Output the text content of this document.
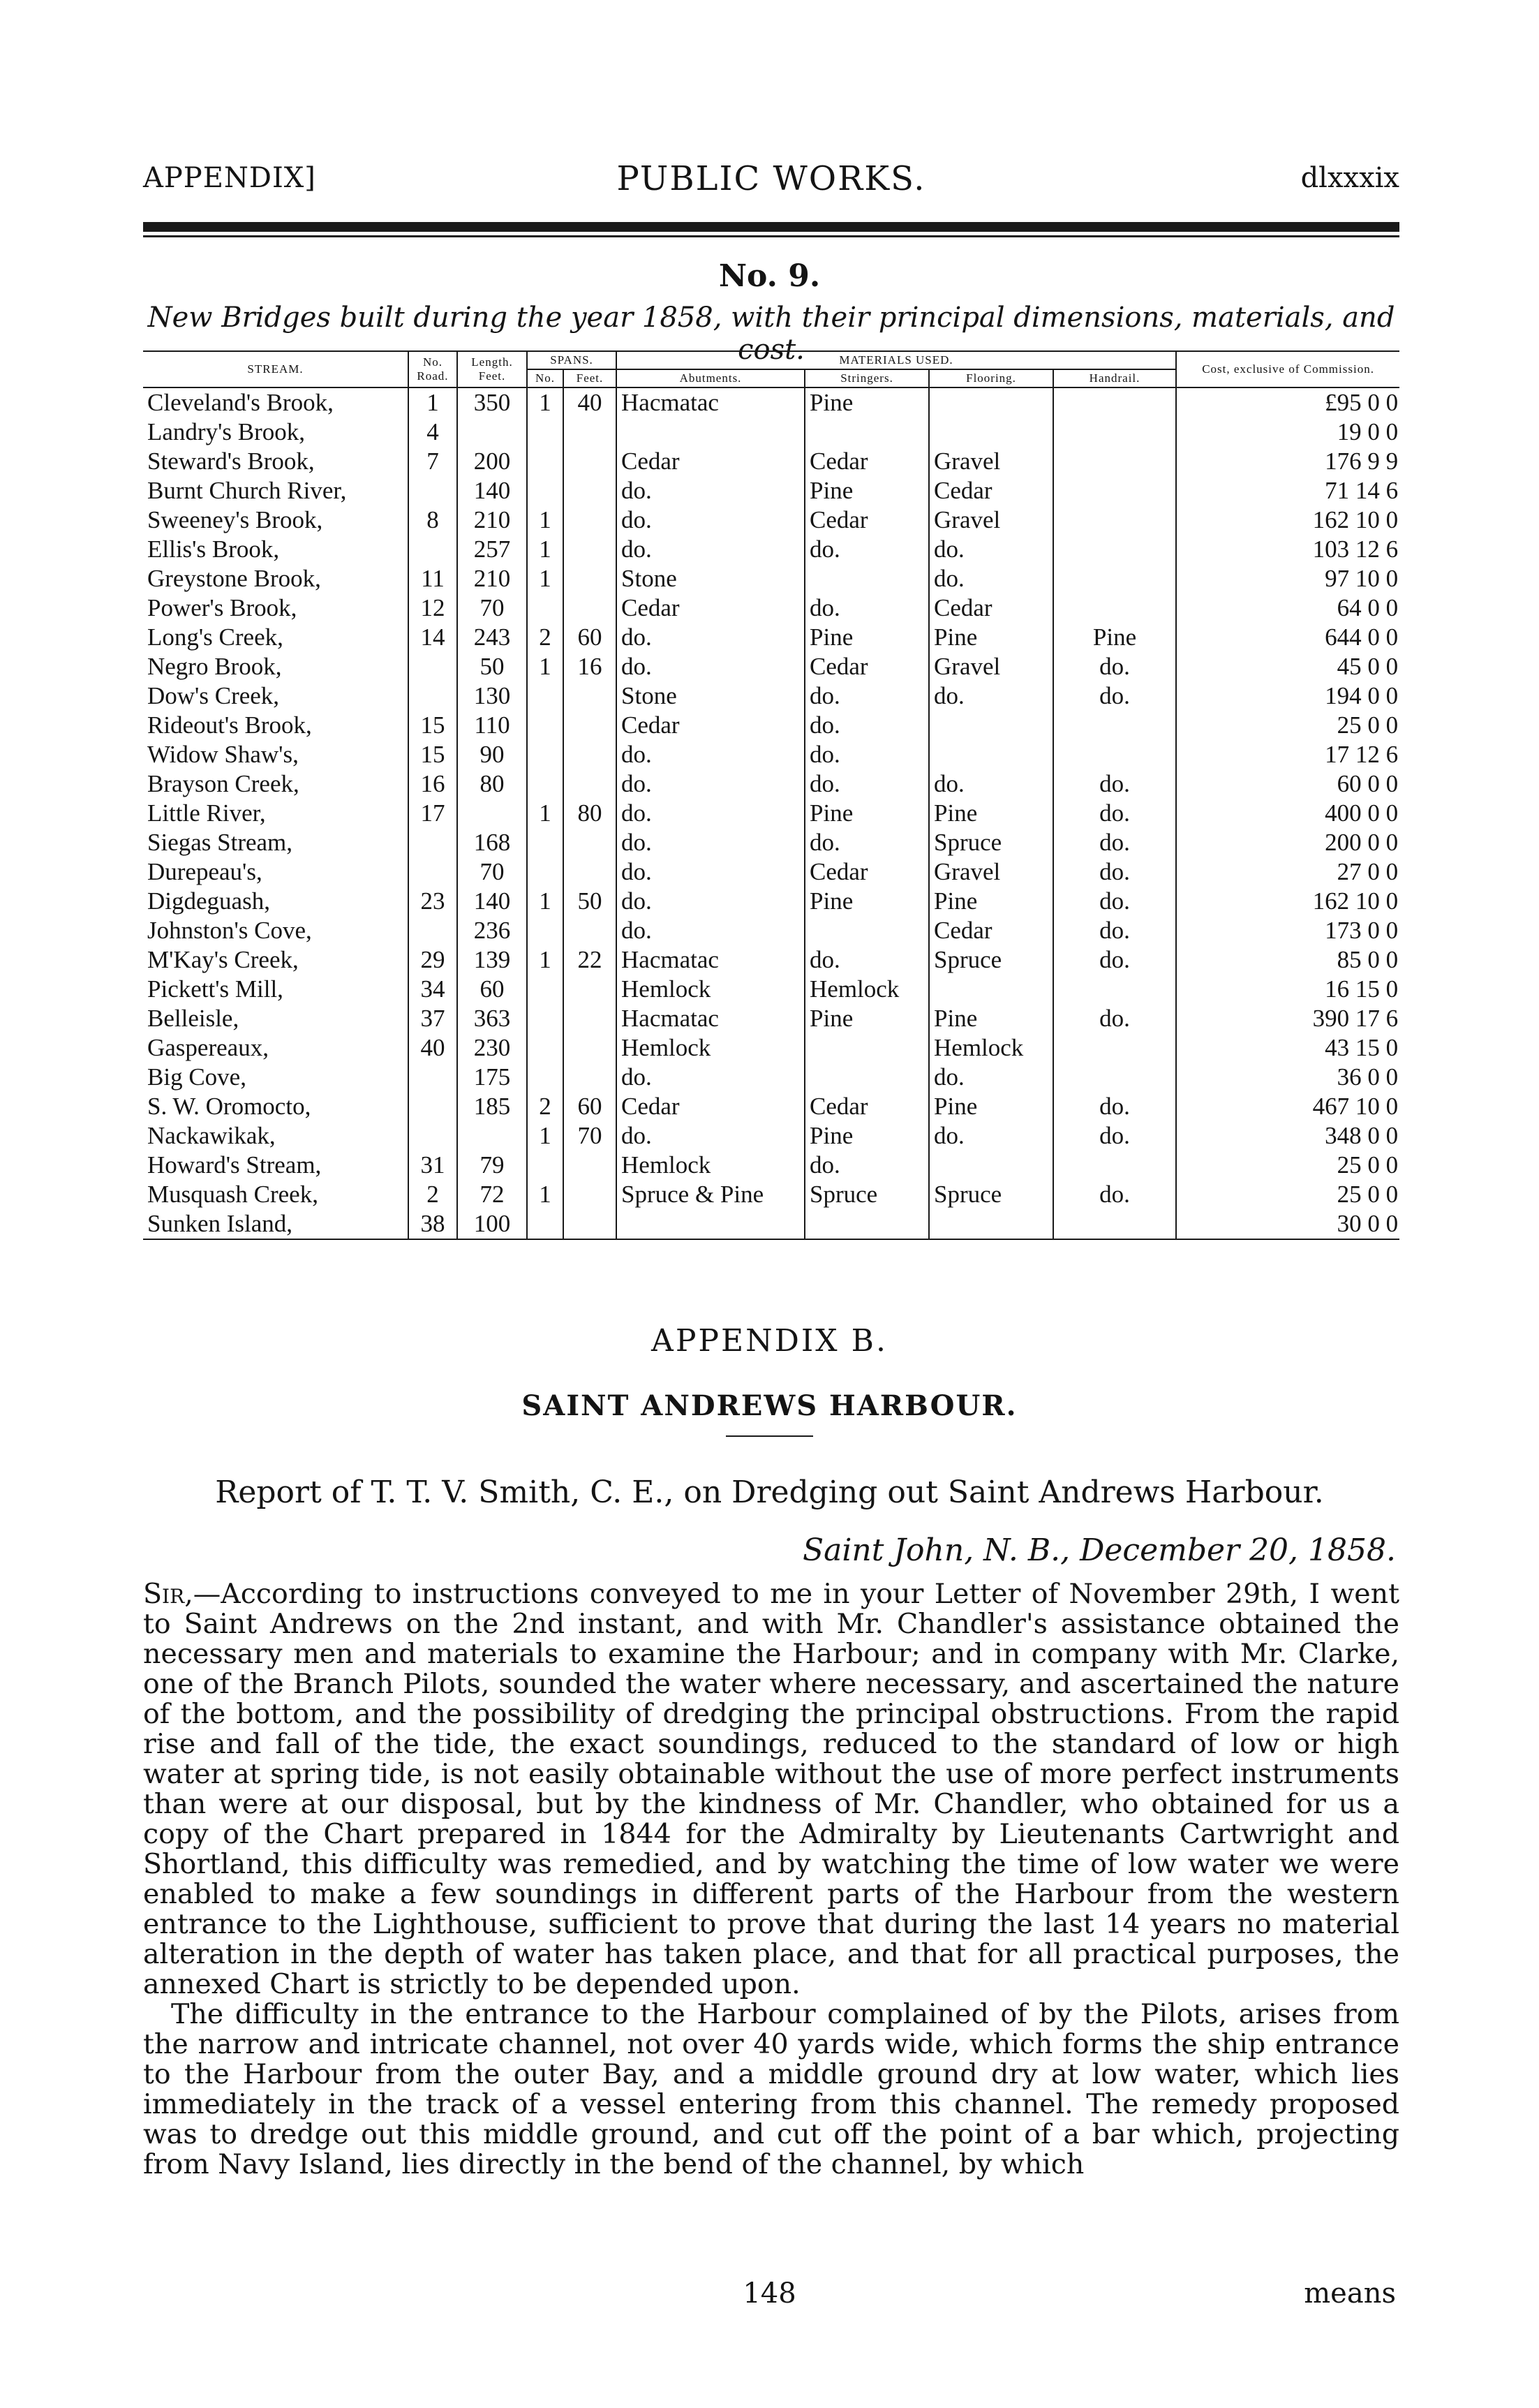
APPENDIX]	PUBLIC WORKS.	dlxxxix
No. 9.
New Bridges built during the year 1858, with their principal dimensions, materials, and cost.
STREAM.	No. Road.	Length. Feet.	SPANS.		MATERIALS USED.				Cost, exclusive of Commission.
			No.	Feet.	Abutments.	Stringers.	Flooring.	Handrail.	
Cleveland's Brook,	1	350	1	40	Hacmatac	Pine			£95 0 0
Landry's Brook,	4								19 0 0
Steward's Brook,	7	200			Cedar	Cedar	Gravel		176 9 9
Burnt Church River,		140			do.	Pine	Cedar		71 14 6
Sweeney's Brook,	8	210	1		do.	Cedar	Gravel		162 10 0
Ellis's Brook,		257	1		do.	do.	do.		103 12 6
Greystone Brook,	11	210	1		Stone		do.		97 10 0
Power's Brook,	12	70			Cedar	do.	Cedar		64 0 0
Long's Creek,	14	243	2	60	do.	Pine	Pine	Pine	644 0 0
Negro Brook,		50	1	16	do.	Cedar	Gravel	do.	45 0 0
Dow's Creek,		130			Stone	do.	do.	do.	194 0 0
Rideout's Brook,	15	110			Cedar	do.			25 0 0
Widow Shaw's,	15	90			do.	do.			17 12 6
Brayson Creek,	16	80			do.	do.	do.	do.	60 0 0
Little River,	17		1	80	do.	Pine	Pine	do.	400 0 0
Siegas Stream,		168			do.	do.	Spruce	do.	200 0 0
Durepeau's,		70			do.	Cedar	Gravel	do.	27 0 0
Digdeguash,	23	140	1	50	do.	Pine	Pine	do.	162 10 0
Johnston's Cove,		236			do.		Cedar	do.	173 0 0
M'Kay's Creek,	29	139	1	22	Hacmatac	do.	Spruce	do.	85 0 0
Pickett's Mill,	34	60			Hemlock	Hemlock			16 15 0
Belleisle,	37	363			Hacmatac	Pine	Pine	do.	390 17 6
Gaspereaux,	40	230			Hemlock		Hemlock		43 15 0
Big Cove,		175			do.		do.		36 0 0
S. W. Oromocto,		185	2	60	Cedar	Cedar	Pine	do.	467 10 0
Nackawikak,			1	70	do.	Pine	do.	do.	348 0 0
Howard's Stream,	31	79			Hemlock	do.			25 0 0
Musquash Creek,	2	72	1		Spruce & Pine	Spruce	Spruce	do.	25 0 0
Sunken Island,	38	100							30 0 0
APPENDIX B.
SAINT ANDREWS HARBOUR.
Report of T. T. V. Smith, C. E., on Dredging out Saint Andrews Harbour.
Saint John, N. B., December 20, 1858.

Sir,—According to instructions conveyed to me in your Letter of November 29th, I went to Saint Andrews on the 2nd instant, and with Mr. Chandler's assistance obtained the necessary men and materials to examine the Harbour; and in company with Mr. Clarke, one of the Branch Pilots, sounded the water where necessary, and ascertained the nature of the bottom, and the possibility of dredging the principal obstructions. From the rapid rise and fall of the tide, the exact soundings, reduced to the standard of low or high water at spring tide, is not easily obtainable without the use of more perfect instruments than were at our disposal, but by the kindness of Mr. Chandler, who obtained for us a copy of the Chart prepared in 1844 for the Admiralty by Lieutenants Cartwright and Shortland, this difficulty was remedied, and by watching the time of low water we were enabled to make a few soundings in different parts of the Harbour from the western entrance to the Lighthouse, sufficient to prove that during the last 14 years no material alteration in the depth of water has taken place, and that for all practical purposes, the annexed Chart is strictly to be depended upon.

The difficulty in the entrance to the Harbour complained of by the Pilots, arises from the narrow and intricate channel, not over 40 yards wide, which forms the ship entrance to the Harbour from the outer Bay, and a middle ground dry at low water, which lies immediately in the track of a vessel entering from this channel. The remedy proposed was to dredge out this middle ground, and cut off the point of a bar which, projecting from Navy Island, lies directly in the bend of the channel, by which

148	means
